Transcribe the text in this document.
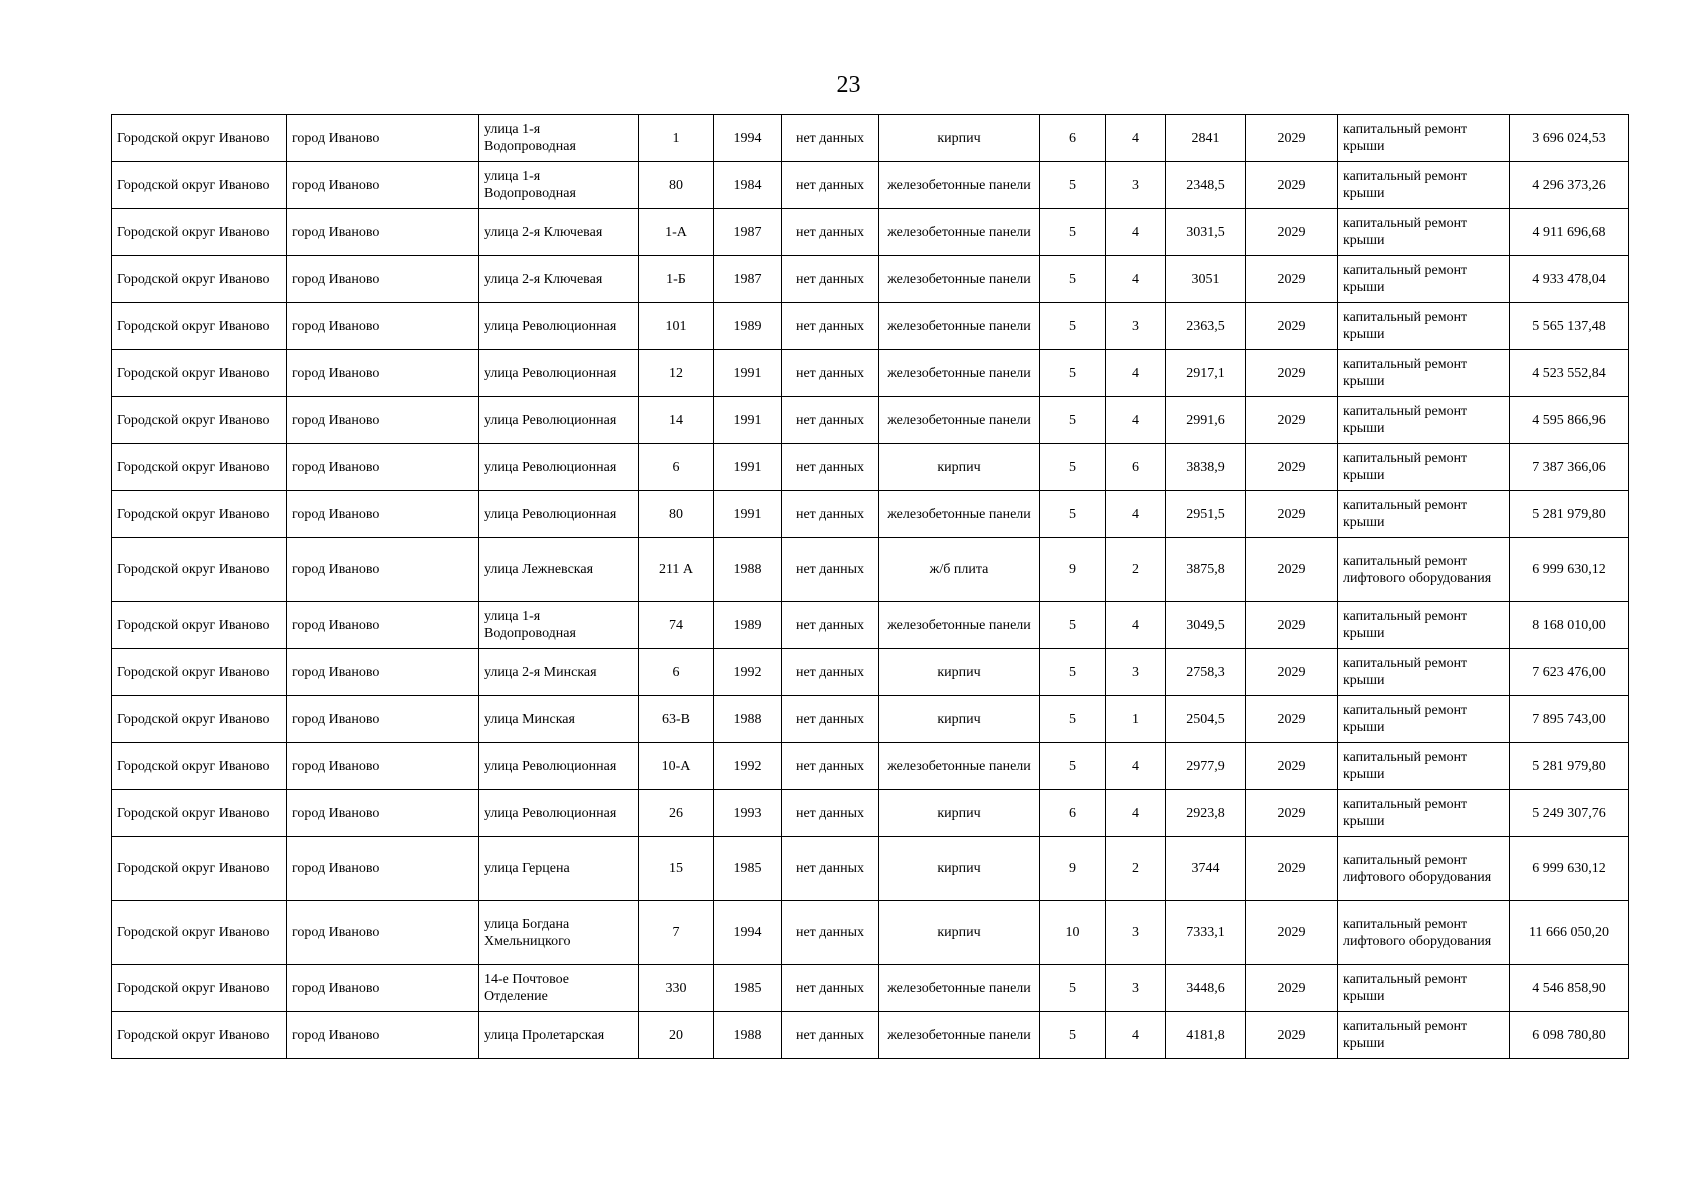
23
Городской округ Иваново	город Иваново	улица 1-я Водопроводная	1	1994	нет данных	кирпич	6	4	2841	2029	капитальный ремонт крыши	3 696 024,53
Городской округ Иваново	город Иваново	улица 1-я Водопроводная	80	1984	нет данных	железобетонные панели	5	3	2348,5	2029	капитальный ремонт крыши	4 296 373,26
Городской округ Иваново	город Иваново	улица 2-я Ключевая	1-А	1987	нет данных	железобетонные панели	5	4	3031,5	2029	капитальный ремонт крыши	4 911 696,68
Городской округ Иваново	город Иваново	улица 2-я Ключевая	1-Б	1987	нет данных	железобетонные панели	5	4	3051	2029	капитальный ремонт крыши	4 933 478,04
Городской округ Иваново	город Иваново	улица Революционная	101	1989	нет данных	железобетонные панели	5	3	2363,5	2029	капитальный ремонт крыши	5 565 137,48
Городской округ Иваново	город Иваново	улица Революционная	12	1991	нет данных	железобетонные панели	5	4	2917,1	2029	капитальный ремонт крыши	4 523 552,84
Городской округ Иваново	город Иваново	улица Революционная	14	1991	нет данных	железобетонные панели	5	4	2991,6	2029	капитальный ремонт крыши	4 595 866,96
Городской округ Иваново	город Иваново	улица Революционная	6	1991	нет данных	кирпич	5	6	3838,9	2029	капитальный ремонт крыши	7 387 366,06
Городской округ Иваново	город Иваново	улица Революционная	80	1991	нет данных	железобетонные панели	5	4	2951,5	2029	капитальный ремонт крыши	5 281 979,80
Городской округ Иваново	город Иваново	улица Лежневская	211 А	1988	нет данных	ж/б плита	9	2	3875,8	2029	капитальный ремонт лифтового оборудования	6 999 630,12
Городской округ Иваново	город Иваново	улица 1-я Водопроводная	74	1989	нет данных	железобетонные панели	5	4	3049,5	2029	капитальный ремонт крыши	8 168 010,00
Городской округ Иваново	город Иваново	улица 2-я Минская	6	1992	нет данных	кирпич	5	3	2758,3	2029	капитальный ремонт крыши	7 623 476,00
Городской округ Иваново	город Иваново	улица Минская	63-В	1988	нет данных	кирпич	5	1	2504,5	2029	капитальный ремонт крыши	7 895 743,00
Городской округ Иваново	город Иваново	улица Революционная	10-А	1992	нет данных	железобетонные панели	5	4	2977,9	2029	капитальный ремонт крыши	5 281 979,80
Городской округ Иваново	город Иваново	улица Революционная	26	1993	нет данных	кирпич	6	4	2923,8	2029	капитальный ремонт крыши	5 249 307,76
Городской округ Иваново	город Иваново	улица Герцена	15	1985	нет данных	кирпич	9	2	3744	2029	капитальный ремонт лифтового оборудования	6 999 630,12
Городской округ Иваново	город Иваново	улица Богдана Хмельницкого	7	1994	нет данных	кирпич	10	3	7333,1	2029	капитальный ремонт лифтового оборудования	11 666 050,20
Городской округ Иваново	город Иваново	14-е Почтовое Отделение	330	1985	нет данных	железобетонные панели	5	3	3448,6	2029	капитальный ремонт крыши	4 546 858,90
Городской округ Иваново	город Иваново	улица Пролетарская	20	1988	нет данных	железобетонные панели	5	4	4181,8	2029	капитальный ремонт крыши	6 098 780,80
